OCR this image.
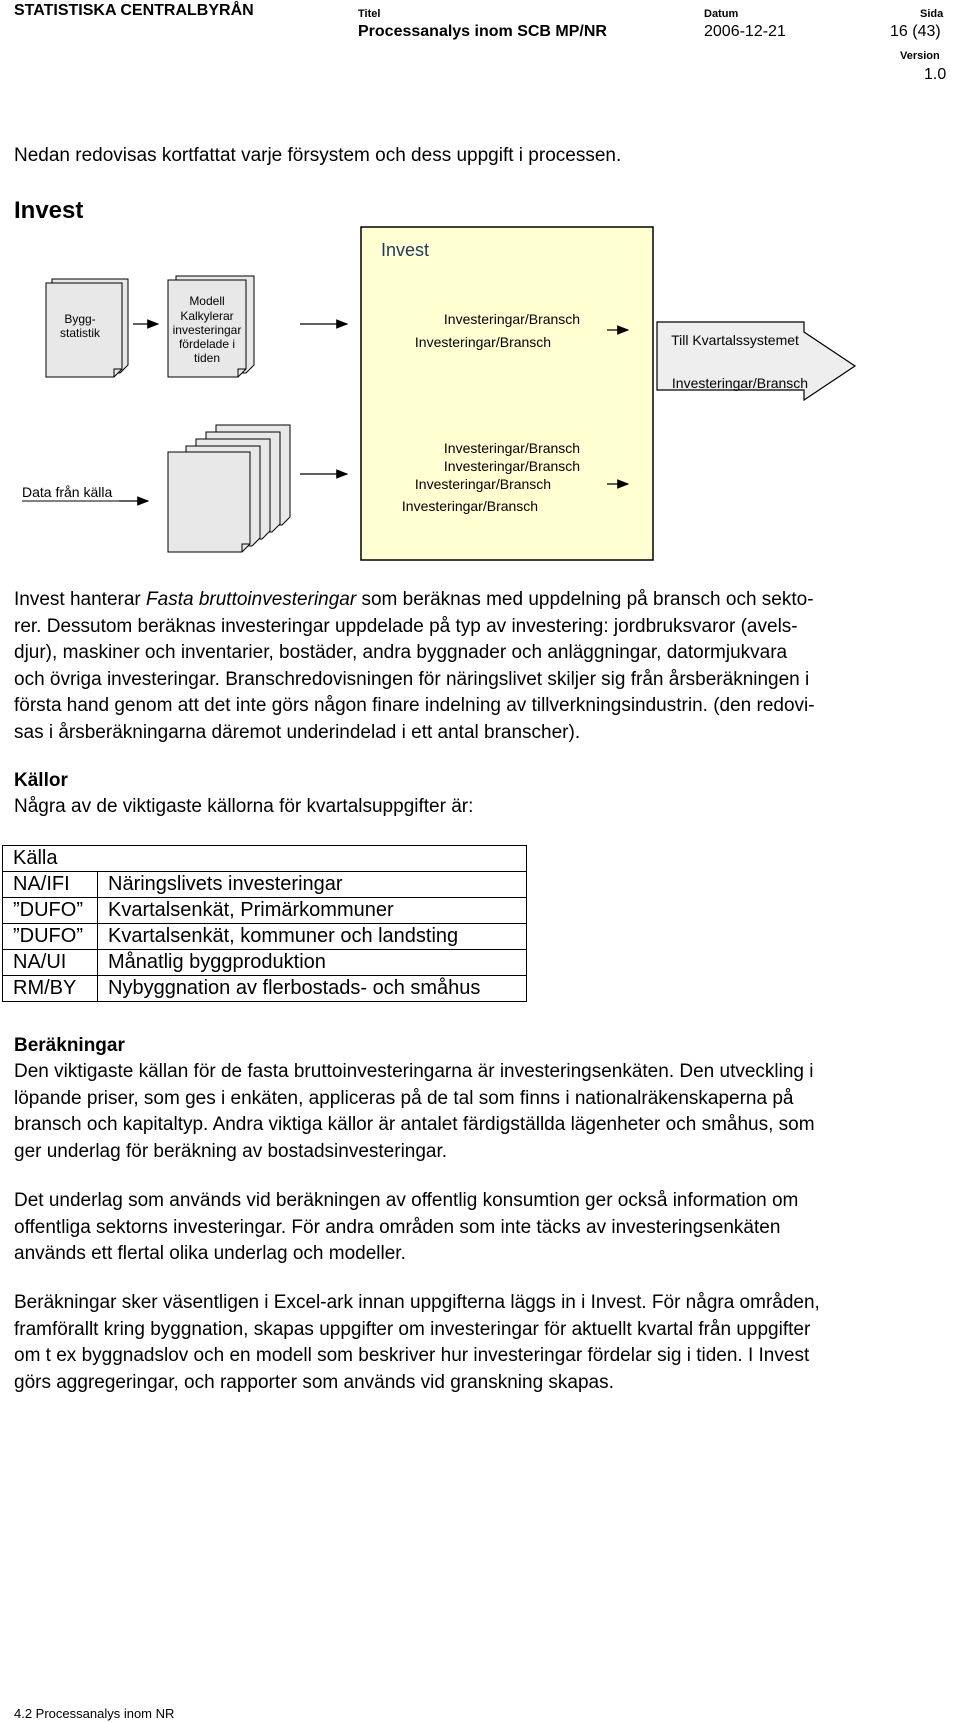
STATISTISKA CENTRALBYRÅN	Titel
Processanalys inom SCB MP/NR
Datum
2006-12-21
Sida
16 (43)
Version
1.0
Nedan redovisas kortfattat varje försystem och dess uppgift i processen.
Invest
Invest
Bygg-
statistik
Modell
Kalkylerar
investeringar
fördelade i
tiden
Investeringar/Bransch
Investeringar/Bransch	Till Kvartalssystemet
Investeringar/Bransch
Data från källa
Investeringar/Bransch
Investeringar/Bransch
Investeringar/Bransch
Investeringar/Bransch

Invest hanterar Fasta bruttoinvesteringar som beräknas med uppdelning på bransch och sekto-

rer. Dessutom beräknas investeringar uppdelade på typ av investering: jordbruksvaror (avels-

djur), maskiner och inventarier, bostäder, andra byggnader och anläggningar, datormjukvara

och övriga investeringar. Branschredovisningen för näringslivet skiljer sig från årsberäkningen i

första hand genom att det inte görs någon finare indelning av tillverkningsindustrin. (den redovi-

sas i årsberäkningarna däremot underindelad i ett antal branscher).

Källor
Några av de viktigaste källorna för kvartalsuppgifter är:
Källa	
NA/IFI	Näringslivets investeringar
”DUFO”	Kvartalsenkät, Primärkommuner
”DUFO”	Kvartalsenkät, kommuner och landsting
NA/UI	Månatlig byggproduktion
RM/BY	Nybyggnation av flerbostads- och småhus
Beräkningar

Den viktigaste källan för de fasta bruttoinvesteringarna är investeringsenkäten. Den utveckling i

löpande priser, som ges i enkäten, appliceras på de tal som finns i nationalräkenskaperna på

bransch och kapitaltyp. Andra viktiga källor är antalet färdigställda lägenheter och småhus, som

ger underlag för beräkning av bostadsinvesteringar.

Det underlag som används vid beräkningen av offentlig konsumtion ger också information om

offentliga sektorns investeringar. För andra områden som inte täcks av investeringsenkäten

används ett flertal olika underlag och modeller.

Beräkningar sker väsentligen i Excel-ark innan uppgifterna läggs in i Invest. För några områden,

framförallt kring byggnation, skapas uppgifter om investeringar för aktuellt kvartal från uppgifter

om t ex byggnadslov och en modell som beskriver hur investeringar fördelar sig i tiden. I Invest

görs aggregeringar, och rapporter som används vid granskning skapas.

4.2 Processanalys inom NR
